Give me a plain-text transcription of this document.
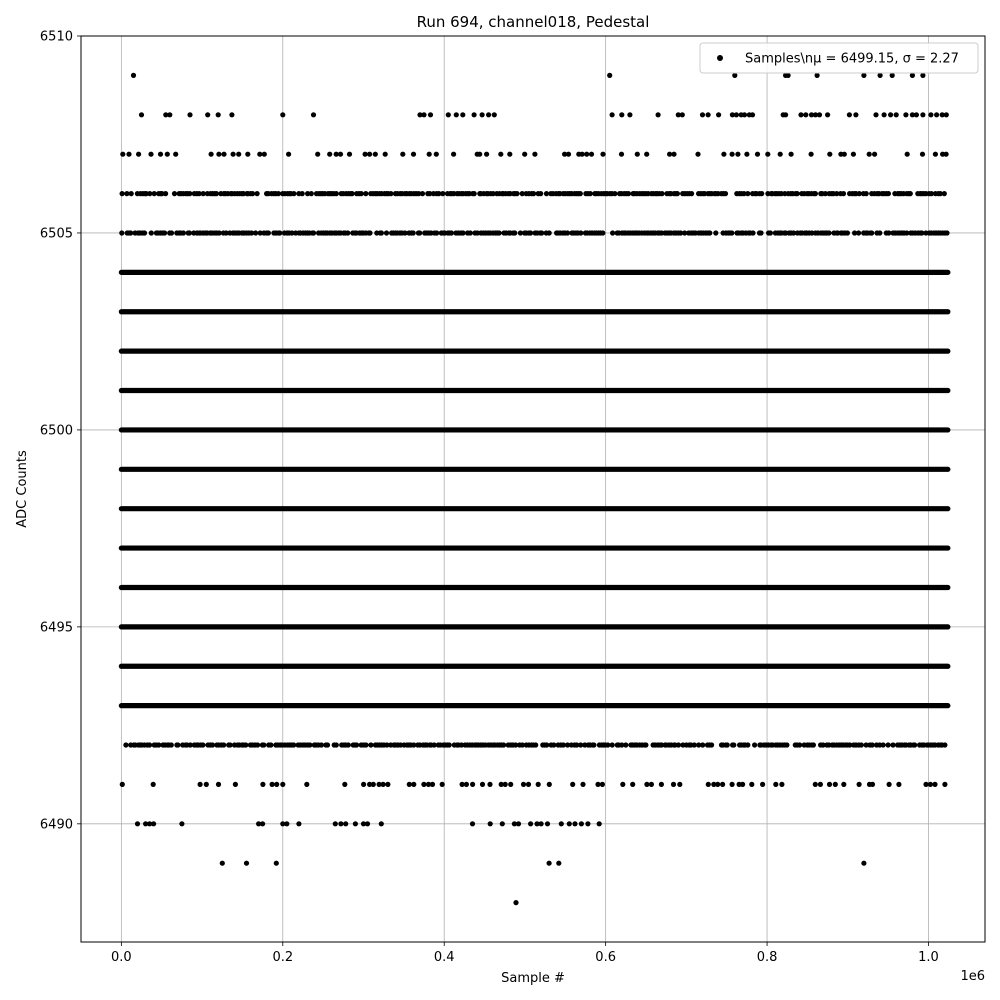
0.0	0.2	0.4	0.6	0.8	1.0
6490
6495
6500
6505
6510
Run 694, channel018, Pedestal
Sample #
ADC Counts
1e6
Samples\nμ = 6499.15, σ = 2.27
